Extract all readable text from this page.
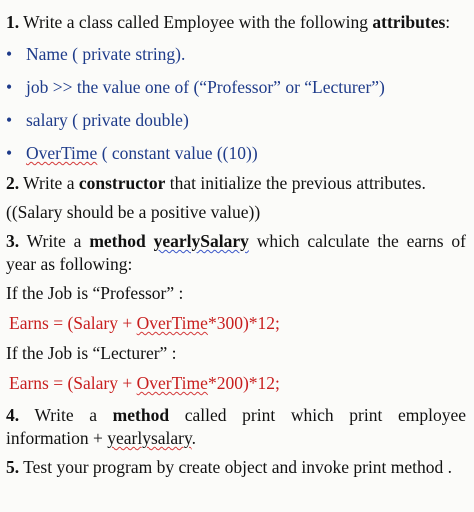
1. Write a class called Employee with the following attributes:
• Name ( private string).
• job >> the value one of (“Professor” or “Lecturer”)
• salary ( private double)
• OverTime ( constant value ((10))
2. Write a constructor that initialize the previous attributes.
((Salary should be a positive value))
3. Write a method yearlySalary which calculate the earns of
year as following:
If the Job is “Professor” :
Earns = (Salary + OverTime*300)*12;
If the Job is “Lecturer” :
Earns = (Salary + OverTime*200)*12;
4. Write a method called print which print employee
information + yearlysalary.
5. Test your program by create object and invoke print method .
